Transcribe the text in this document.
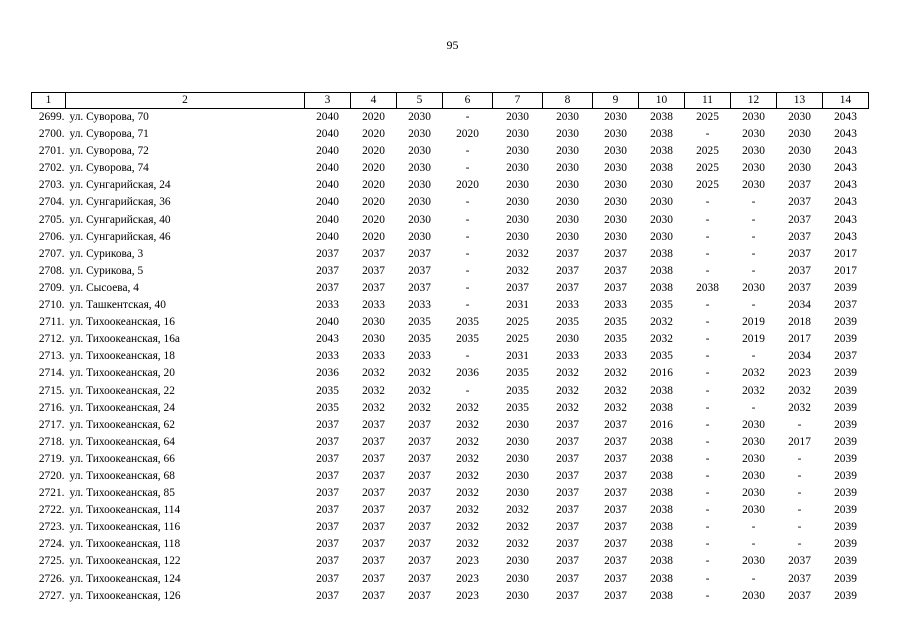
95
1	2	3	4	5	6	7	8	9	10	11	12	13	14
2699.	ул. Суворова, 70	2040	2020	2030	-	2030	2030	2030	2038	2025	2030	2030	2043
2700.	ул. Суворова, 71	2040	2020	2030	2020	2030	2030	2030	2038	-	2030	2030	2043
2701.	ул. Суворова, 72	2040	2020	2030	-	2030	2030	2030	2038	2025	2030	2030	2043
2702.	ул. Суворова, 74	2040	2020	2030	-	2030	2030	2030	2038	2025	2030	2030	2043
2703.	ул. Сунгарийская, 24	2040	2020	2030	2020	2030	2030	2030	2030	2025	2030	2037	2043
2704.	ул. Сунгарийская, 36	2040	2020	2030	-	2030	2030	2030	2030	-	-	2037	2043
2705.	ул. Сунгарийская, 40	2040	2020	2030	-	2030	2030	2030	2030	-	-	2037	2043
2706.	ул. Сунгарийская, 46	2040	2020	2030	-	2030	2030	2030	2030	-	-	2037	2043
2707.	ул. Сурикова, 3	2037	2037	2037	-	2032	2037	2037	2038	-	-	2037	2017
2708.	ул. Сурикова, 5	2037	2037	2037	-	2032	2037	2037	2038	-	-	2037	2017
2709.	ул. Сысоева, 4	2037	2037	2037	-	2037	2037	2037	2038	2038	2030	2037	2039
2710.	ул. Ташкентская, 40	2033	2033	2033	-	2031	2033	2033	2035	-	-	2034	2037
2711.	ул. Тихоокеанская, 16	2040	2030	2035	2035	2025	2035	2035	2032	-	2019	2018	2039
2712.	ул. Тихоокеанская, 16а	2043	2030	2035	2035	2025	2030	2035	2032	-	2019	2017	2039
2713.	ул. Тихоокеанская, 18	2033	2033	2033	-	2031	2033	2033	2035	-	-	2034	2037
2714.	ул. Тихоокеанская, 20	2036	2032	2032	2036	2035	2032	2032	2016	-	2032	2023	2039
2715.	ул. Тихоокеанская, 22	2035	2032	2032	-	2035	2032	2032	2038	-	2032	2032	2039
2716.	ул. Тихоокеанская, 24	2035	2032	2032	2032	2035	2032	2032	2038	-	-	2032	2039
2717.	ул. Тихоокеанская, 62	2037	2037	2037	2032	2030	2037	2037	2016	-	2030	-	2039
2718.	ул. Тихоокеанская, 64	2037	2037	2037	2032	2030	2037	2037	2038	-	2030	2017	2039
2719.	ул. Тихоокеанская, 66	2037	2037	2037	2032	2030	2037	2037	2038	-	2030	-	2039
2720.	ул. Тихоокеанская, 68	2037	2037	2037	2032	2030	2037	2037	2038	-	2030	-	2039
2721.	ул. Тихоокеанская, 85	2037	2037	2037	2032	2030	2037	2037	2038	-	2030	-	2039
2722.	ул. Тихоокеанская, 114	2037	2037	2037	2032	2032	2037	2037	2038	-	2030	-	2039
2723.	ул. Тихоокеанская, 116	2037	2037	2037	2032	2032	2037	2037	2038	-	-	-	2039
2724.	ул. Тихоокеанская, 118	2037	2037	2037	2032	2032	2037	2037	2038	-	-	-	2039
2725.	ул. Тихоокеанская, 122	2037	2037	2037	2023	2030	2037	2037	2038	-	2030	2037	2039
2726.	ул. Тихоокеанская, 124	2037	2037	2037	2023	2030	2037	2037	2038	-	-	2037	2039
2727.	ул. Тихоокеанская, 126	2037	2037	2037	2023	2030	2037	2037	2038	-	2030	2037	2039
